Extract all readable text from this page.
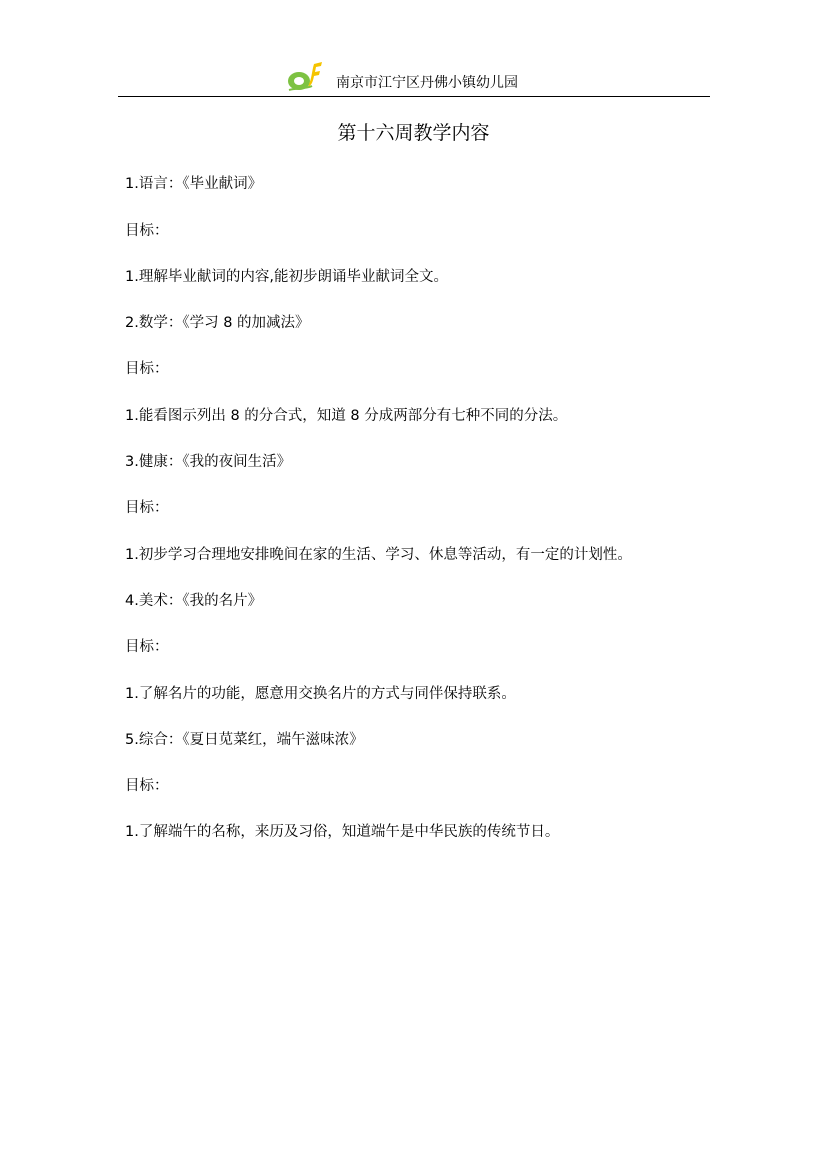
南京市江宁区丹佛小镇幼儿园
第十六周教学内容
1.语言：《毕业献词》
目标：
1.理解毕业献词的内容,能初步朗诵毕业献词全文。
2.数学：《学习 8 的加减法》
目标：
1.能看图示列出 8 的分合式，知道 8 分成两部分有七种不同的分法。
3.健康：《我的夜间生活》
目标：
1.初步学习合理地安排晚间在家的生活、学习、休息等活动，有一定的计划性。
4.美术：《我的名片》
目标：
1.了解名片的功能，愿意用交换名片的方式与同伴保持联系。
5.综合：《夏日苋菜红，端午滋味浓》
目标：
1.了解端午的名称，来历及习俗，知道端午是中华民族的传统节日。
